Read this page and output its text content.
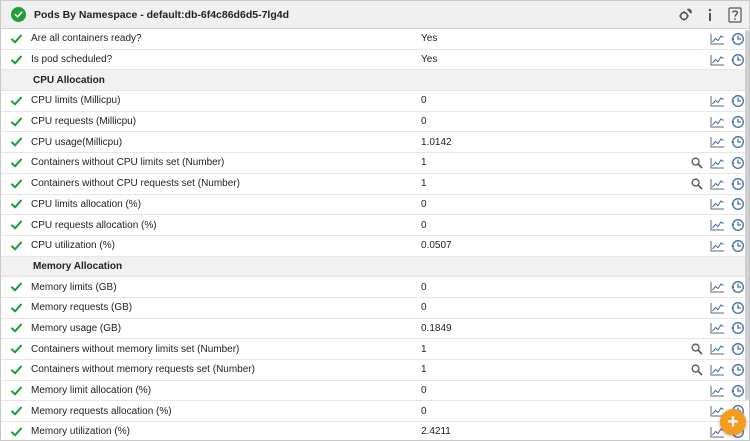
Pods By Namespace - default:db-6f4c86d6d5-7lg4d
Are all containers ready?	Yes
Is pod scheduled?	Yes
CPU Allocation
CPU limits (Millicpu)	0
CPU requests (Millicpu)	0
CPU usage(Millicpu)	1.0142
Containers without CPU limits set (Number)	1
Containers without CPU requests set (Number)	1
CPU limits allocation (%)	0
CPU requests allocation (%)	0
CPU utilization (%)	0.0507
Memory Allocation
Memory limits (GB)	0
Memory requests (GB)	0
Memory usage (GB)	0.1849
Containers without memory limits set (Number)	1
Containers without memory requests set (Number)	1
Memory limit allocation (%)	0
Memory requests allocation (%)	0
Memory utilization (%)	2.4211	+
